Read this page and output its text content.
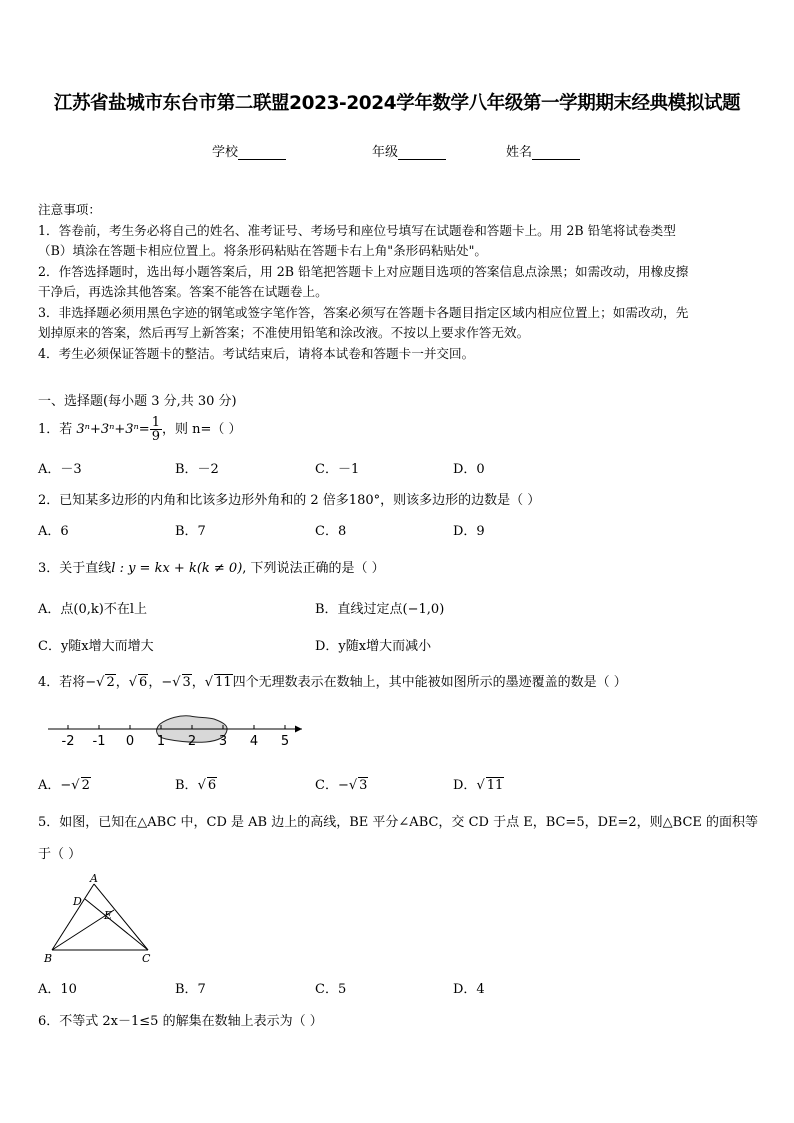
江苏省盐城市东台市第二联盟2023-2024学年数学八年级第一学期期末经典模拟试题
学校	年级	姓名
注意事项：
1．答卷前，考生务必将自己的姓名、准考证号、考场号和座位号填写在试题卷和答题卡上。用 2B 铅笔将试卷类型
（B）填涂在答题卡相应位置上。将条形码粘贴在答题卡右上角"条形码粘贴处"。
2．作答选择题时，选出每小题答案后，用 2B 铅笔把答题卡上对应题目选项的答案信息点涂黑；如需改动，用橡皮擦
干净后，再选涂其他答案。答案不能答在试题卷上。
3．非选择题必须用黑色字迹的钢笔或签字笔作答，答案必须写在答题卡各题目指定区域内相应位置上；如需改动，先
划掉原来的答案，然后再写上新答案；不准使用铅笔和涂改液。不按以上要求作答无效。
4．考生必须保证答题卡的整洁。考试结束后，请将本试卷和答题卡一并交回。
一、选择题(每小题 3 分,共 30 分)
1．若 $3^n+3^n+3^n= \frac{1}{9}$ ，则 n=（ ）
A．－3	B．－2	C．－1	D．0
2．已知某多边形的内角和比该多边形外角和的 2 倍多180°，则该多边形的边数是（ ）
A．6	B．7	C．8	D．9
3．关于直线l : y = kx + k(k ≠ 0), 下列说法正确的是（ ）
A．点(0,k)不在l上	B．直线过定点(−1,0)
C．y随x增大而增大	D．y随x增大而减小
4．若将−√ 2，√ 6，−√ 3，√ 11四个无理数表示在数轴上，其中能被如图所示的墨迹覆盖的数是（ ）
-2 -1 0 1 2 3 4 5
A．−√ 2	B．√ 6	C．−√ 3	D．√ 11
5．如图，已知在△ABC 中，CD 是 AB 边上的高线，BE 平分∠ABC，交 CD 于点 E，BC=5，DE=2，则△BCE 的面积等
于（ ）
A
D
E
B	C
A．10	B．7	C．5	D．4
6．不等式 2x－1≤5 的解集在数轴上表示为（ ）
